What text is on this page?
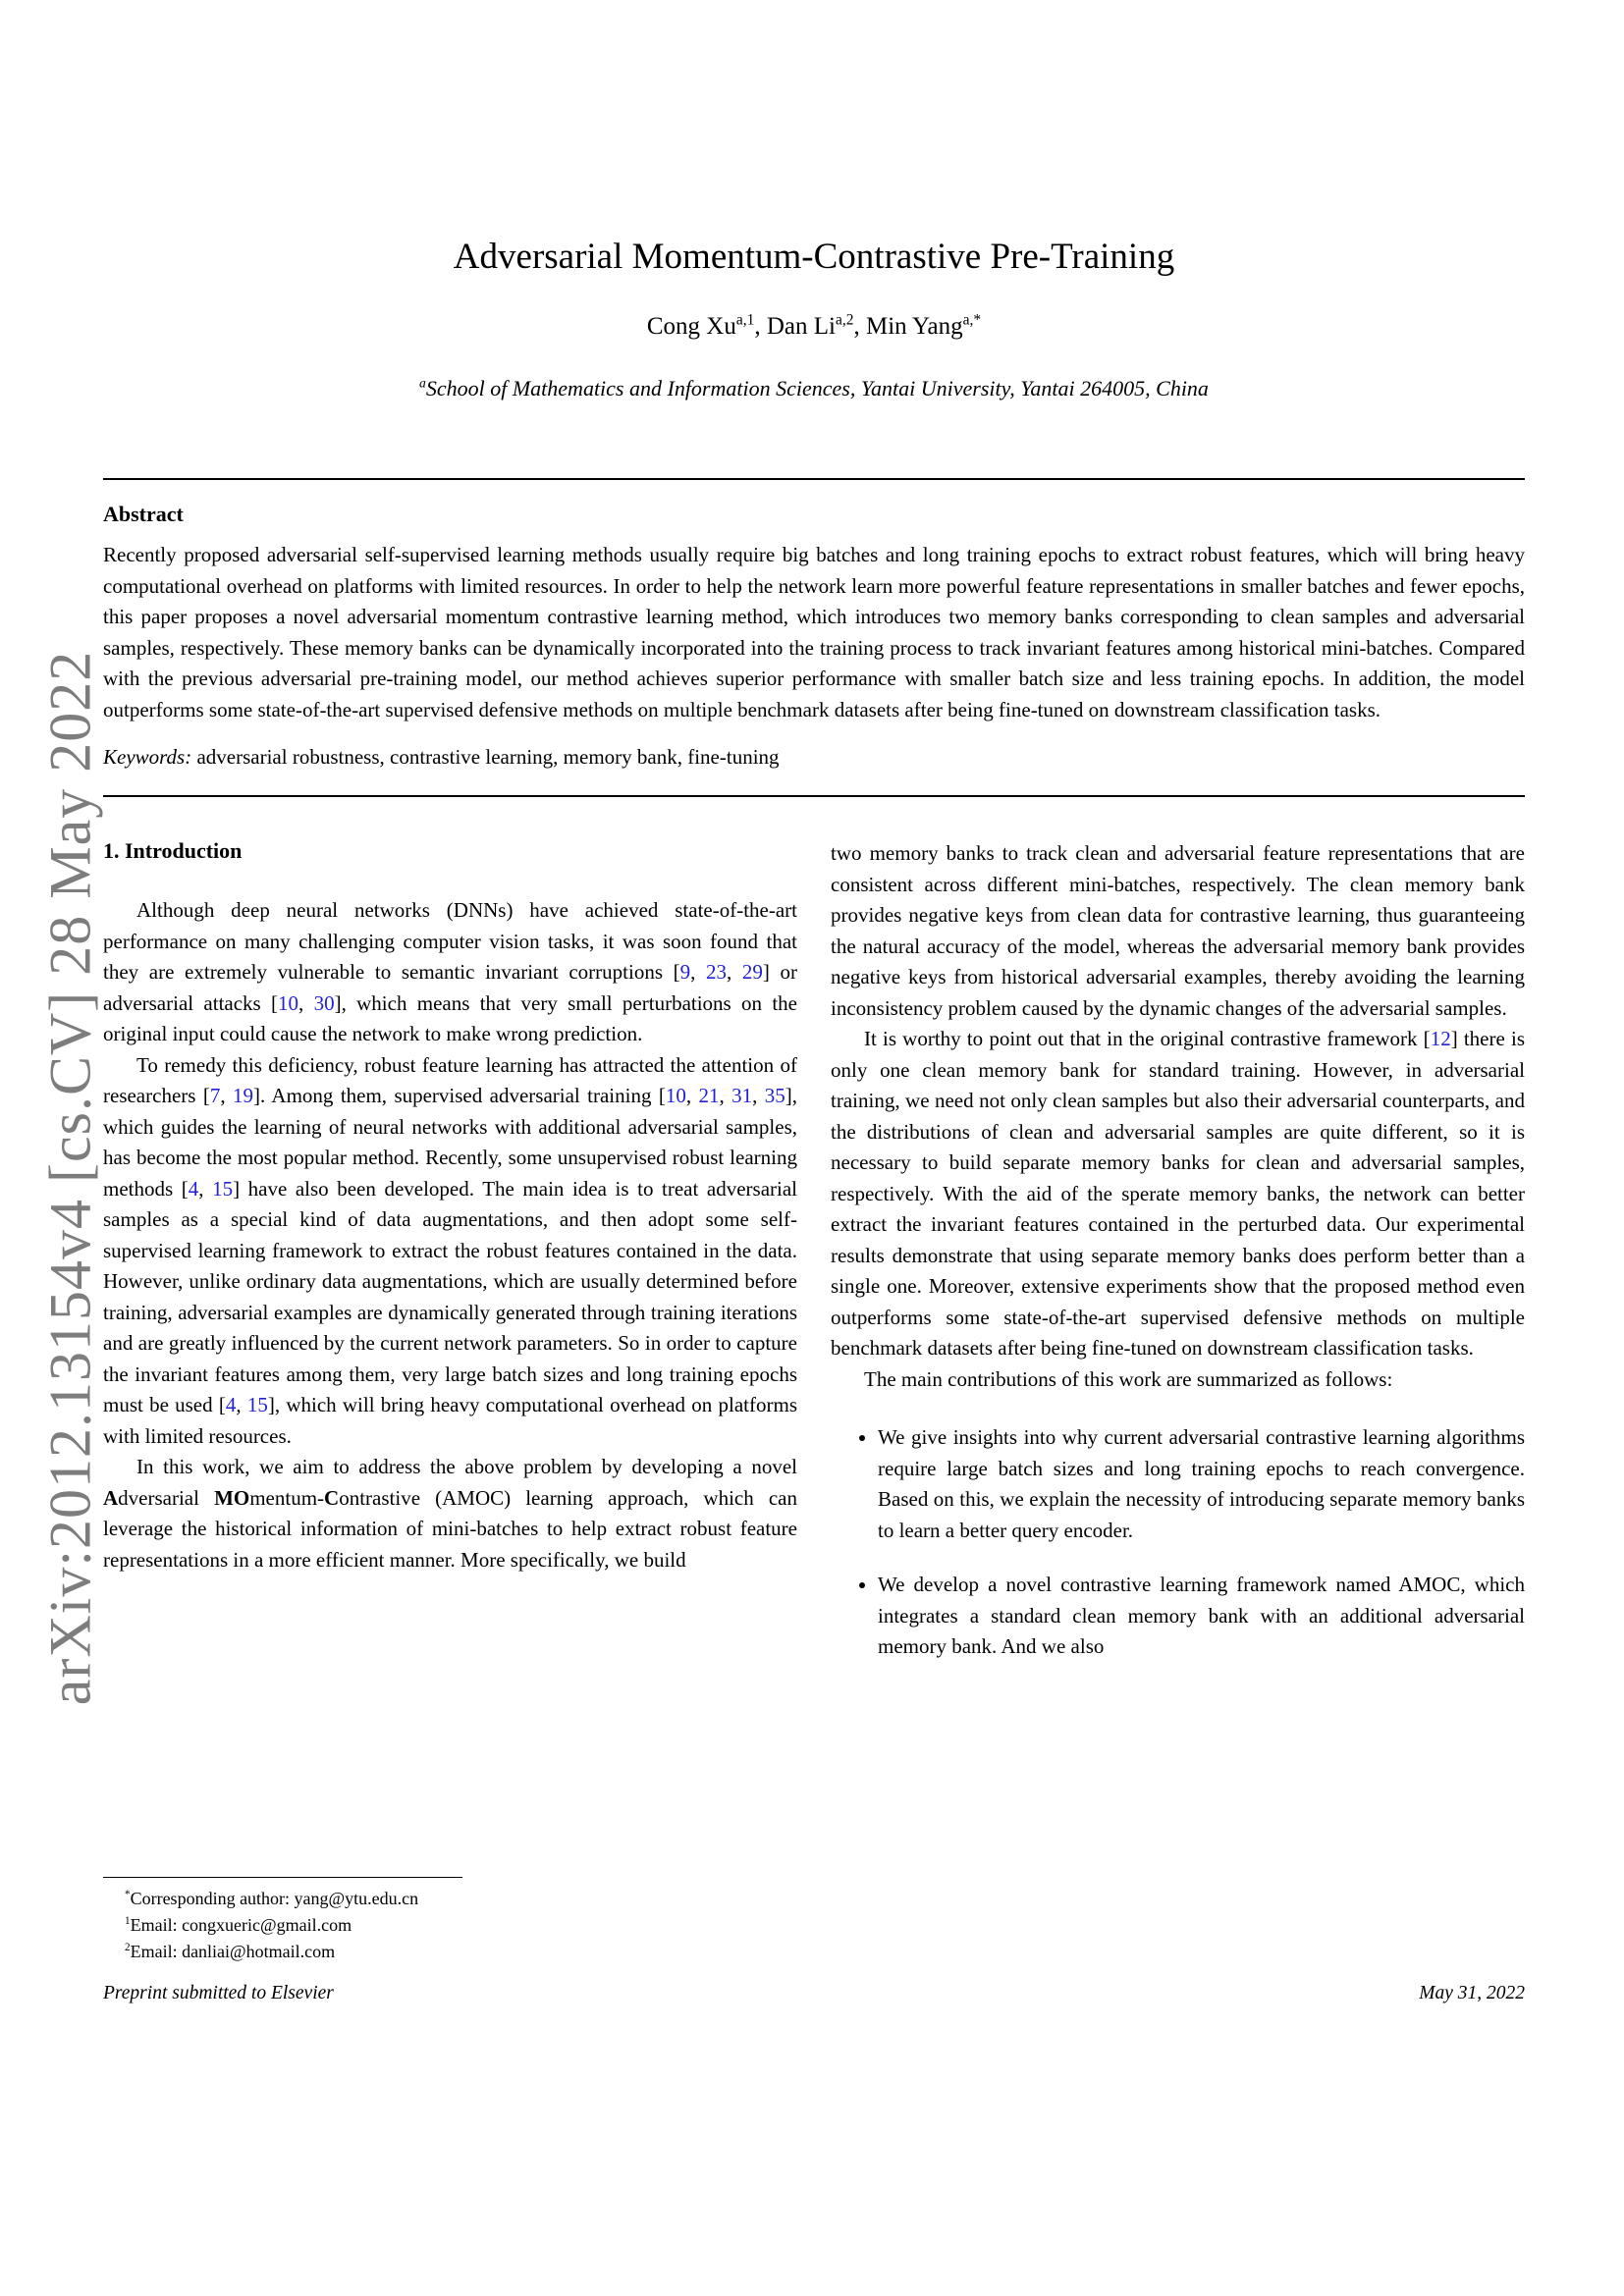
arXiv:2012.13154v4 [cs.CV] 28 May 2022
Adversarial Momentum-Contrastive Pre-Training
Cong Xu$^{a,1}$, Dan Li$^{a,2}$, Min Yang$^{a,*}$
$^a$School of Mathematics and Information Sciences, Yantai University, Yantai 264005, China
Abstract

Recently proposed adversarial self-supervised learning methods usually require big batches and long training epochs to extract robust features, which will bring heavy computational overhead on platforms with limited resources. In order to help the network learn more powerful feature representations in smaller batches and fewer epochs, this paper proposes a novel adversarial momentum contrastive learning method, which introduces two memory banks corresponding to clean samples and adversarial samples, respectively. These memory banks can be dynamically incorporated into the training process to track invariant features among historical mini-batches. Compared with the previous adversarial pre-training model, our method achieves superior performance with smaller batch size and less training epochs. In addition, the model outperforms some state-of-the-art supervised defensive methods on multiple benchmark datasets after being fine-tuned on downstream classification tasks.

Keywords: adversarial robustness, contrastive learning, memory bank, fine-tuning
1. Introduction

Although deep neural networks (DNNs) have achieved state-of-the-art performance on many challenging computer vision tasks, it was soon found that they are extremely vulnerable to semantic invariant corruptions [9, 23, 29] or adversarial attacks [10, 30], which means that very small perturbations on the original input could cause the network to make wrong prediction.

To remedy this deficiency, robust feature learning has attracted the attention of researchers [7, 19]. Among them, supervised adversarial training [10, 21, 31, 35], which guides the learning of neural networks with additional adversarial samples, has become the most popular method. Recently, some unsupervised robust learning methods [4, 15] have also been developed. The main idea is to treat adversarial samples as a special kind of data augmentations, and then adopt some self-supervised learning framework to extract the robust features contained in the data. However, unlike ordinary data augmentations, which are usually determined before training, adversarial examples are dynamically generated through training iterations and are greatly influenced by the current network parameters. So in order to capture the invariant features among them, very large batch sizes and long training epochs must be used [4, 15], which will bring heavy computational overhead on platforms with limited resources.

In this work, we aim to address the above problem by developing a novel Adversarial MOmentum-Contrastive (AMOC) learning approach, which can leverage the historical information of mini-batches to help extract robust feature representations in a more efficient manner. More specifically, we build

*Corresponding author: yang@ytu.edu.cn
$^1$Email: congxueric@gmail.com
$^2$Email: danliai@hotmail.com

two memory banks to track clean and adversarial feature representations that are consistent across different mini-batches, respectively. The clean memory bank provides negative keys from clean data for contrastive learning, thus guaranteeing the natural accuracy of the model, whereas the adversarial memory bank provides negative keys from historical adversarial examples, thereby avoiding the learning inconsistency problem caused by the dynamic changes of the adversarial samples.

It is worthy to point out that in the original contrastive framework [12] there is only one clean memory bank for standard training. However, in adversarial training, we need not only clean samples but also their adversarial counterparts, and the distributions of clean and adversarial samples are quite different, so it is necessary to build separate memory banks for clean and adversarial samples, respectively. With the aid of the sperate memory banks, the network can better extract the invariant features contained in the perturbed data. Our experimental results demonstrate that using separate memory banks does perform better than a single one. Moreover, extensive experiments show that the proposed method even outperforms some state-of-the-art supervised defensive methods on multiple benchmark datasets after being fine-tuned on downstream classification tasks.

The main contributions of this work are summarized as follows:

• We give insights into why current adversarial contrastive learning algorithms require large batch sizes and long training epochs to reach convergence. Based on this, we explain the necessity of introducing separate memory banks to learn a better query encoder.
• We develop a novel contrastive learning framework named AMOC, which integrates a standard clean memory bank with an additional adversarial memory bank. And we also
Preprint submitted to Elsevier	May 31, 2022
